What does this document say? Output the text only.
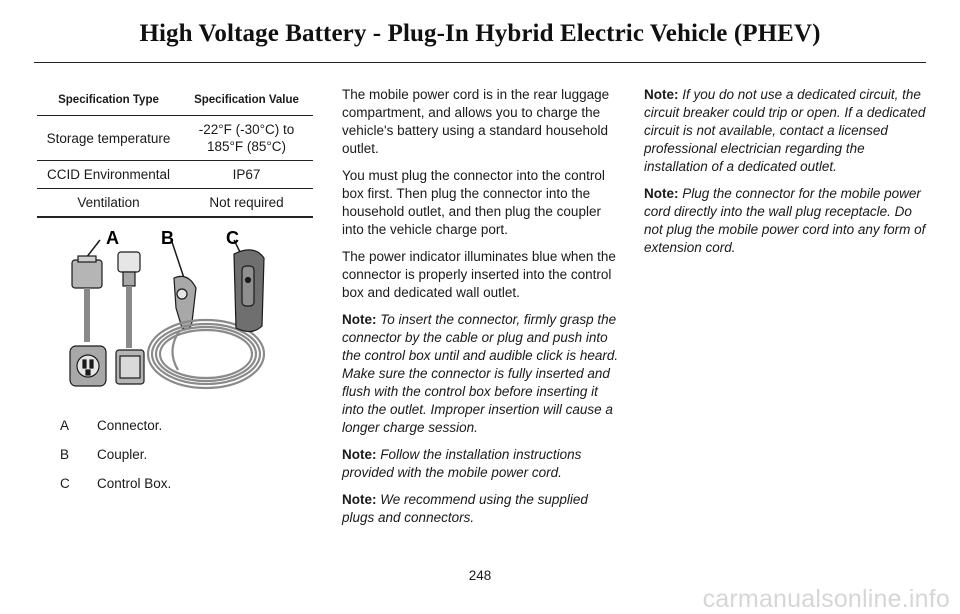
High Voltage Battery - Plug-In Hybrid Electric Vehicle (PHEV)
Specification Type	Specification Value
Storage temperature	-22°F (-30°C) to 185°F (85°C)
CCID Environmental	IP67
Ventilation	Not required
A B	C
A	Connector.
B	Coupler.
C	Control Box.

The mobile power cord is in the rear luggage compartment, and allows you to charge the vehicle's battery using a standard household outlet.

You must plug the connector into the control box first. Then plug the connector into the household outlet, and then plug the coupler into the vehicle charge port.

The power indicator illuminates blue when the connector is properly inserted into the control box and dedicated wall outlet.

Note: To insert the connector, firmly grasp the connector by the cable or plug and push into the control box until and audible click is heard. Make sure the connector is fully inserted and flush with the control box before inserting it into the outlet. Improper insertion will cause a longer charge session.

Note: Follow the installation instructions provided with the mobile power cord.

Note: We recommend using the supplied plugs and connectors.

Note: If you do not use a dedicated circuit, the circuit breaker could trip or open. If a dedicated circuit is not available, contact a licensed professional electrician regarding the installation of a dedicated outlet.

Note: Plug the connector for the mobile power cord directly into the wall plug receptacle. Do not plug the mobile power cord into any form of extension cord.

248
carmanualsonline.info
